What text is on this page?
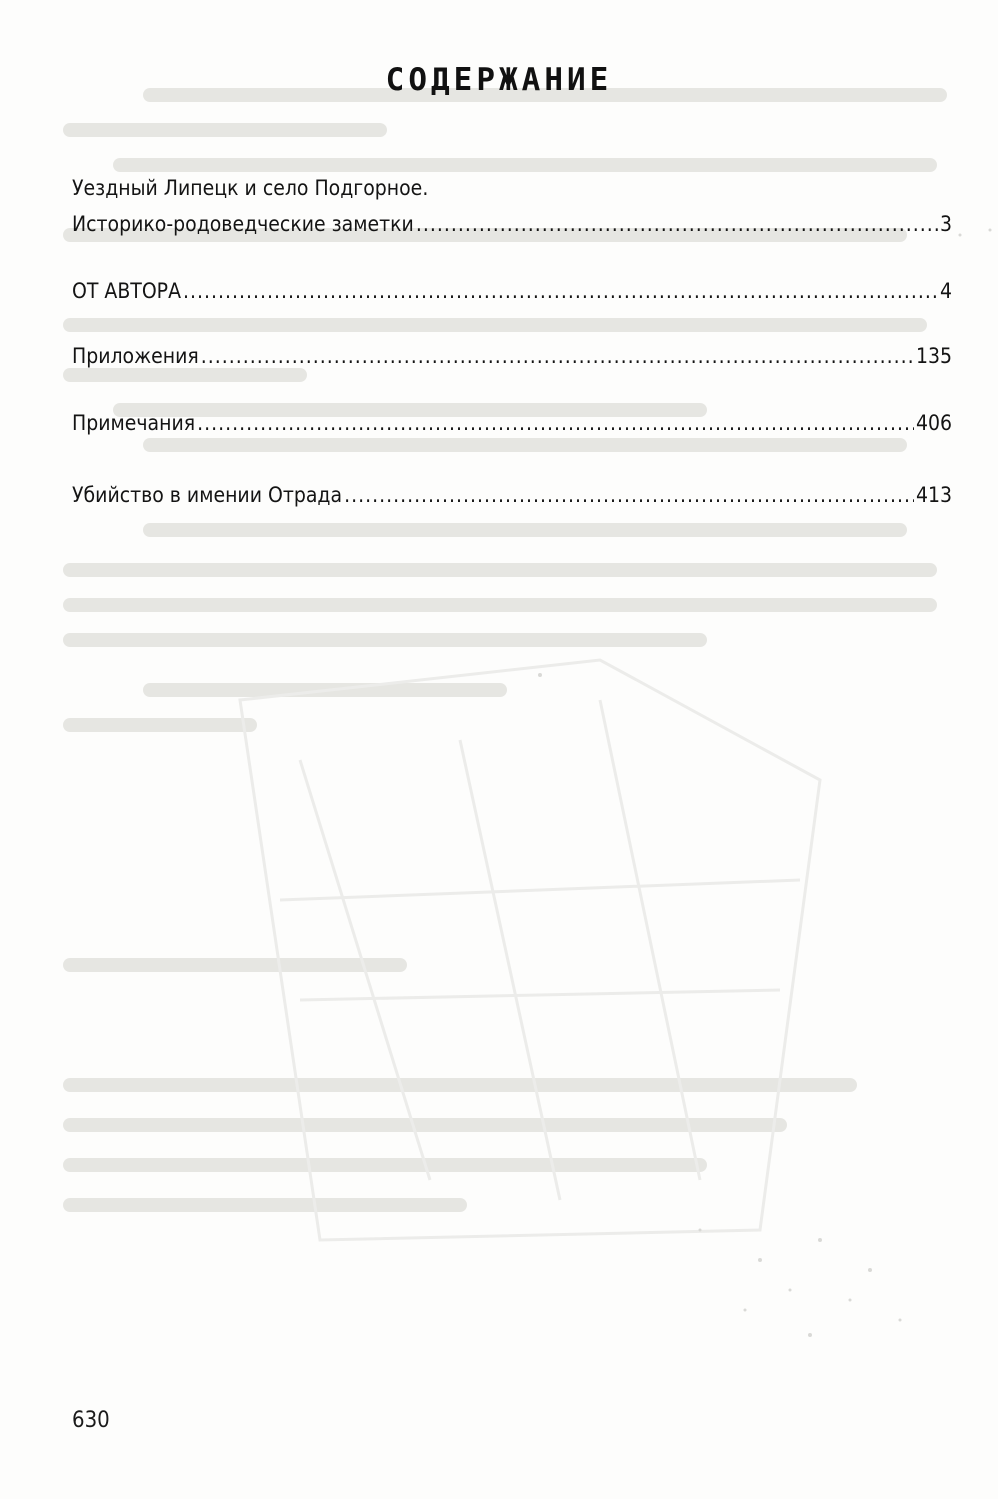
СОДЕРЖАНИЕ
Уездный Липецк и село Подгорное.
Историко-родоведческие заметки .....	3
ОТ АВТОРА .....	4
Приложения .....	135
Примечания .....	406
Убийство в имении Отрада .....	413
630
